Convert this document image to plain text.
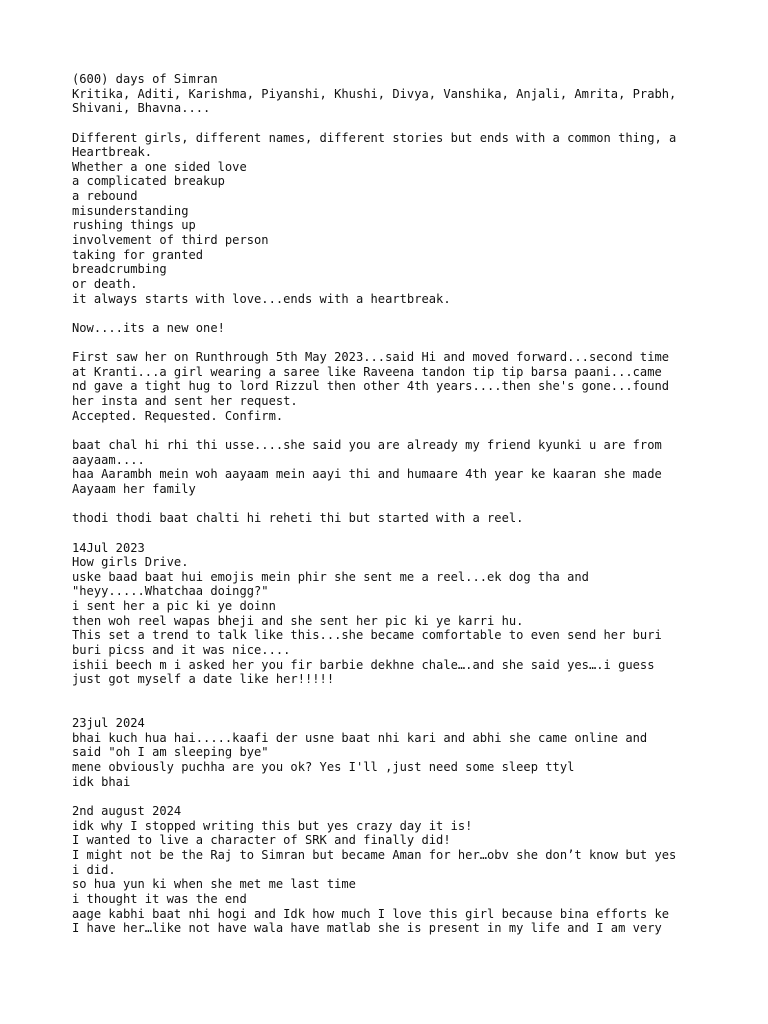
(600) days of Simran
Kritika, Aditi, Karishma, Piyanshi, Khushi, Divya, Vanshika, Anjali, Amrita, Prabh,
Shivani, Bhavna....
Different girls, different names, different stories but ends with a common thing, a
Heartbreak.
Whether a one sided love
a complicated breakup
a rebound
misunderstanding
rushing things up
involvement of third person
taking for granted
breadcrumbing
or death.
it always starts with love...ends with a heartbreak.
Now....its a new one!
First saw her on Runthrough 5th May 2023...said Hi and moved forward...second time
at Kranti...a girl wearing a saree like Raveena tandon tip tip barsa paani...came
nd gave a tight hug to lord Rizzul then other 4th years....then she's gone...found
her insta and sent her request.
Accepted. Requested. Confirm.
baat chal hi rhi thi usse....she said you are already my friend kyunki u are from
aayaam....
haa Aarambh mein woh aayaam mein aayi thi and humaare 4th year ke kaaran she made
Aayaam her family
thodi thodi baat chalti hi reheti thi but started with a reel.
14Jul 2023
How girls Drive.
uske baad baat hui emojis mein phir she sent me a reel...ek dog tha and
"heyy.....Whatchaa doingg?"
i sent her a pic ki ye doinn
then woh reel wapas bheji and she sent her pic ki ye karri hu.
This set a trend to talk like this...she became comfortable to even send her buri
buri picss and it was nice....
ishii beech m i asked her you fir barbie dekhne chale….and she said yes….i guess
just got myself a date like her!!!!!
23jul 2024
bhai kuch hua hai.....kaafi der usne baat nhi kari and abhi she came online and
said "oh I am sleeping bye"
mene obviously puchha are you ok? Yes I'll ,just need some sleep ttyl
idk bhai
2nd august 2024
idk why I stopped writing this but yes crazy day it is!
I wanted to live a character of SRK and finally did!
I might not be the Raj to Simran but became Aman for her…obv she don’t know but yes
i did.
so hua yun ki when she met me last time
i thought it was the end
aage kabhi baat nhi hogi and Idk how much I love this girl because bina efforts ke
I have her…like not have wala have matlab she is present in my life and I am very
